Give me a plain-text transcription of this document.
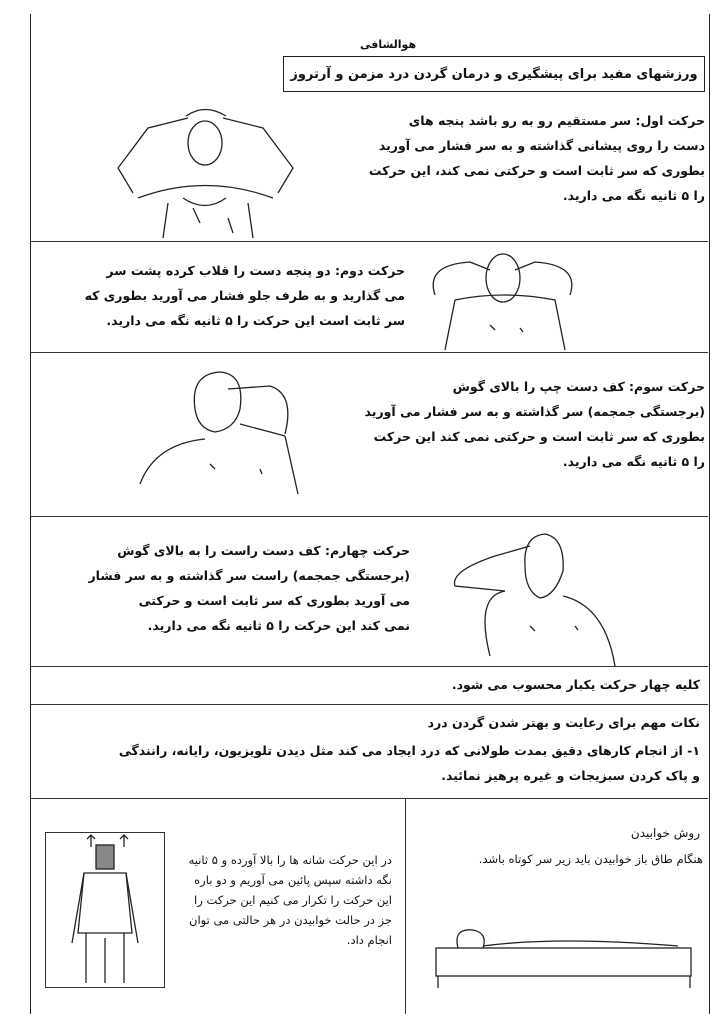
هوالشافی
ورزشهای مفید برای پیشگیری و درمان گردن درد مزمن و آرتروز
حرکت اول: سر مستقیم رو به رو باشد پنجه های
دست را روی پیشانی گذاشته و به سر فشار می آورید
بطوری که سر ثابت است و حرکتی نمی کند، این حرکت
را ۵ ثانیه نگه می دارید.
حرکت دوم: دو پنجه دست را قلاب کرده پشت سر
می گذارید و به طرف جلو فشار می آورید بطوری که
سر ثابت است این حرکت را ۵ ثانیه نگه می دارید.
حرکت سوم: کف دست چپ را بالای گوش
(برجستگی جمجمه) سر گذاشته و به سر فشار می آورید
بطوری که سر ثابت است و حرکتی نمی کند این حرکت
را ۵ ثانیه نگه می دارید.
حرکت چهارم: کف دست راست را به بالای گوش
(برجستگی جمجمه) راست سر گذاشته و به سر فشار
می آورید بطوری که سر ثابت است و حرکتی
نمی کند این حرکت را ۵ ثانیه نگه می دارید.
کلیه چهار حرکت یکبار محسوب می شود.
نکات مهم برای رعایت و بهتر شدن گردن درد
۱- از انجام کارهای دقیق بمدت طولانی که درد ایجاد می کند مثل دیدن تلویزیون، رایانه، رانندگی
و پاک کردن سبزیجات و غیره پرهیز نمائید.
روش خوابیدن
هنگام طاق باز خوابیدن باید زیر سر کوتاه باشد.
در این حرکت شانه ها را بالا آورده و ۵ ثانیه
نگه داشته سپس پائین می آوریم و دو باره
این حرکت را تکرار می کنیم این حرکت را
جز در حالت خوابیدن در هر حالتی می توان
انجام داد.
